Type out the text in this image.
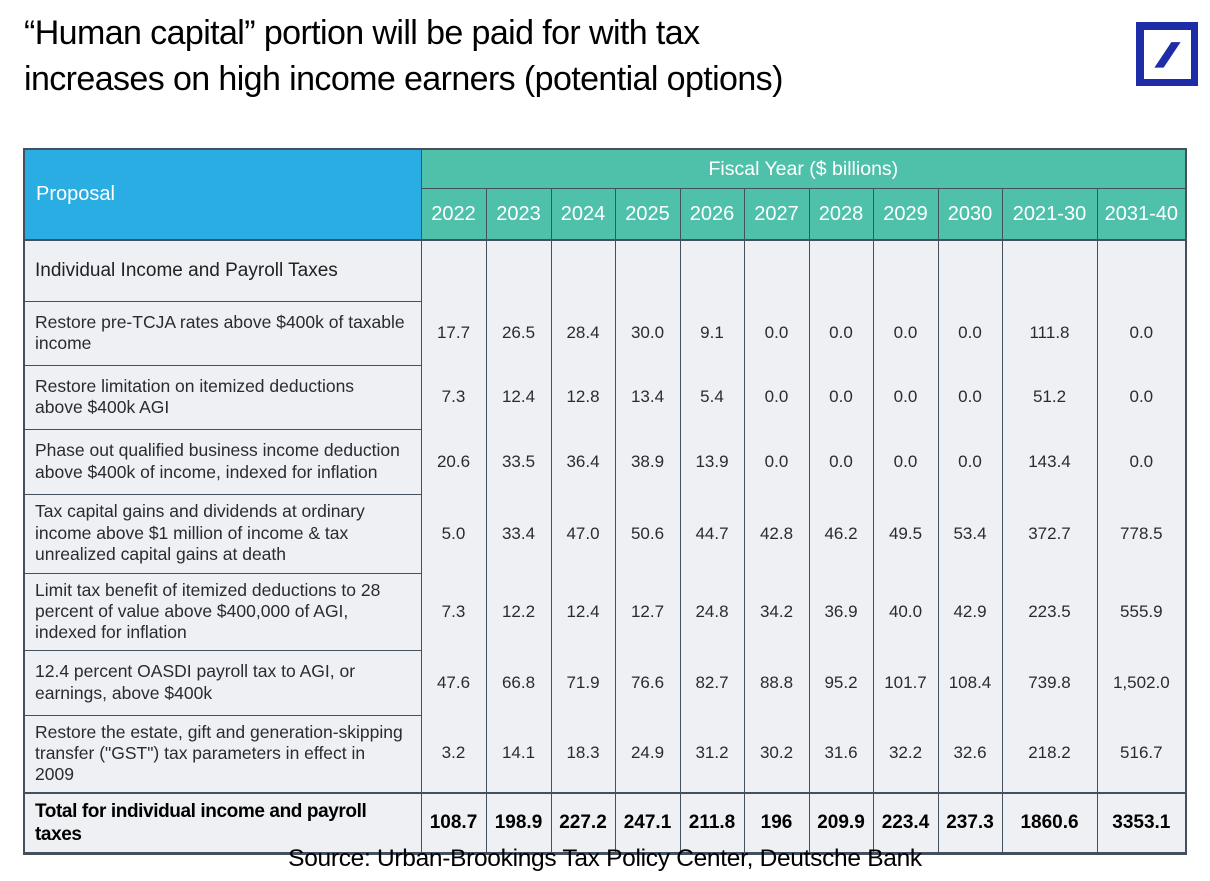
“Human capital” portion will be paid for with tax
increases on high income earners (potential options)
Proposal	Fiscal Year ($ billions)										
	2022	2023	2024	2025	2026	2027	2028	2029	2030	2021-30	2031-40
Individual Income and Payroll Taxes											
Restore pre-TCJA rates above $400k of taxable income	17.7	26.5	28.4	30.0	9.1	0.0	0.0	0.0	0.0	111.8	0.0
Restore limitation on itemized deductions above $400k AGI	7.3	12.4	12.8	13.4	5.4	0.0	0.0	0.0	0.0	51.2	0.0
Phase out qualified business income deduction above $400k of income, indexed for inflation	20.6	33.5	36.4	38.9	13.9	0.0	0.0	0.0	0.0	143.4	0.0
Tax capital gains and dividends at ordinary income above $1 million of income & tax unrealized capital gains at death	5.0	33.4	47.0	50.6	44.7	42.8	46.2	49.5	53.4	372.7	778.5
Limit tax benefit of itemized deductions to 28 percent of value above $400,000 of AGI, indexed for inflation	7.3	12.2	12.4	12.7	24.8	34.2	36.9	40.0	42.9	223.5	555.9
12.4 percent OASDI payroll tax to AGI, or earnings, above $400k	47.6	66.8	71.9	76.6	82.7	88.8	95.2	101.7	108.4	739.8	1,502.0
Restore the estate, gift and generation-skipping transfer ("GST") tax parameters in effect in 2009	3.2	14.1	18.3	24.9	31.2	30.2	31.6	32.2	32.6	218.2	516.7
Total for individual income and payroll taxes	108.7	198.9	227.2	247.1	211.8	196	209.9	223.4	237.3	1860.6	3353.1
Source: Urban-Brookings Tax Policy Center, Deutsche Bank
